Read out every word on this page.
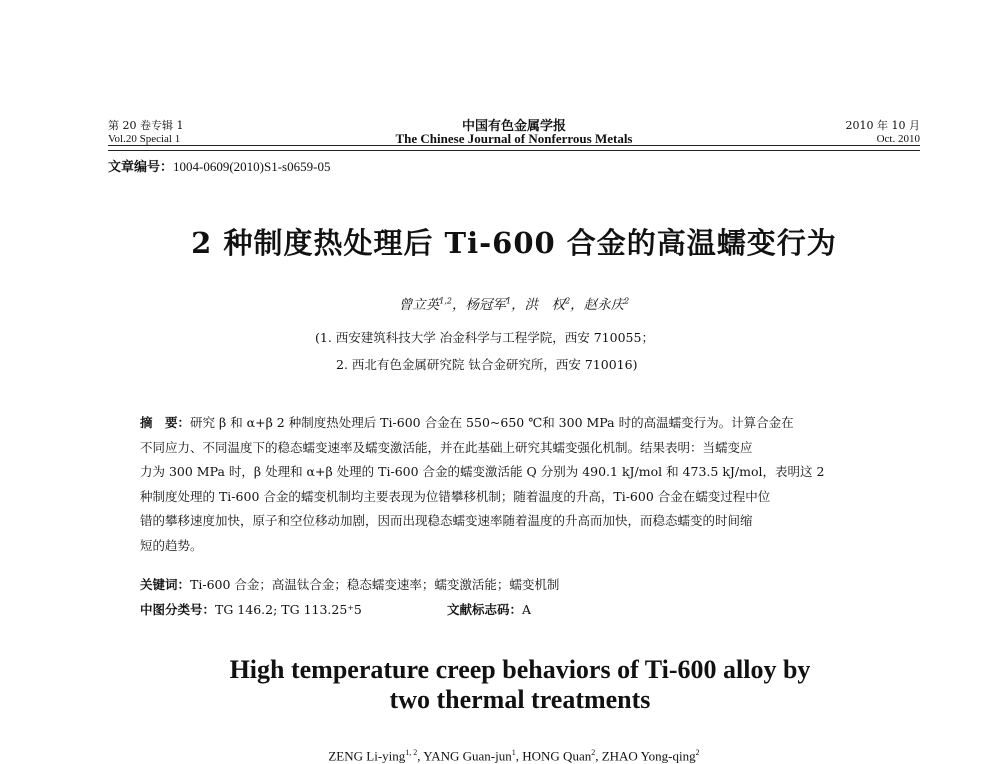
第 20 卷专辑 1
Vol.20 Special 1
中国有色金属学报
The Chinese Journal of Nonferrous Metals
2010 年 10 月
Oct. 2010
文章编号：1004-0609(2010)S1-s0659-05
2 种制度热处理后 Ti-600 合金的高温蠕变行为
曾立英$^{1,2}$，杨冠军$^1$，洪　权$^2$，赵永庆$^2$
(1. 西安建筑科技大学 冶金科学与工程学院，西安 710055；
2. 西北有色金属研究院 钛合金研究所，西安 710016)

摘　要：研究 β 和 α+β 2 种制度热处理后 Ti-600 合金在 550~650 ℃和 300 MPa 时的高温蠕变行为。计算合金在

不同应力、不同温度下的稳态蠕变速率及蠕变激活能，并在此基础上研究其蠕变强化机制。结果表明：当蠕变应

力为 300 MPa 时，β 处理和 α+β 处理的 Ti-600 合金的蠕变激活能 Q 分别为 490.1 kJ/mol 和 473.5 kJ/mol，表明这 2

种制度处理的 Ti-600 合金的蠕变机制均主要表现为位错攀移机制；随着温度的升高，Ti-600 合金在蠕变过程中位

错的攀移速度加快，原子和空位移动加剧，因而出现稳态蠕变速率随着温度的升高而加快，而稳态蠕变的时间缩

短的趋势。

关键词：Ti-600 合金；高温钛合金；稳态蠕变速率；蠕变激活能；蠕变机制
中图分类号：TG 146.2; TG 113.25⁺5	文献标志码：A
High temperature creep behaviors of Ti-600 alloy by
two thermal treatments
ZENG Li-ying$^{1, 2}$, YANG Guan-jun$^1$, HONG Quan$^2$, ZHAO Yong-qing$^2$
